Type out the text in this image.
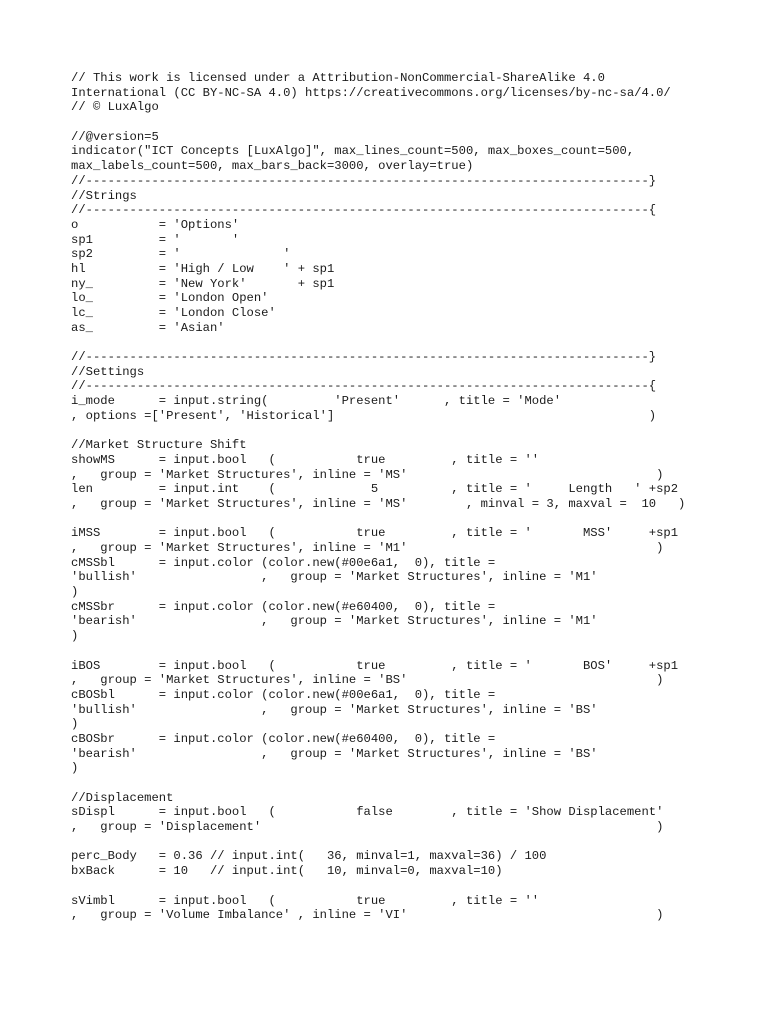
// This work is licensed under a Attribution-NonCommercial-ShareAlike 4.0
International (CC BY-NC-SA 4.0) https://creativecommons.org/licenses/by-nc-sa/4.0/
// © LuxAlgo
//@version=5
indicator("ICT Concepts [LuxAlgo]", max_lines_count=500, max_boxes_count=500,
max_labels_count=500, max_bars_back=3000, overlay=true)
//-----------------------------------------------------------------------------}
//Strings
//-----------------------------------------------------------------------------{
o           = 'Options'
sp1         = '       '
sp2         = '              '
hl          = 'High / Low    ' + sp1
ny_         = 'New York'       + sp1
lo_         = 'London Open'
lc_         = 'London Close'
as_         = 'Asian'
//-----------------------------------------------------------------------------}
//Settings
//-----------------------------------------------------------------------------{
i_mode      = input.string(         'Present'      , title = 'Mode'
, options =['Present', 'Historical']                                           )
//Market Structure Shift
showMS      = input.bool   (           true         , title = ''
,   group = 'Market Structures', inline = 'MS'                                  )
len         = input.int    (             5          , title = '     Length   ' +sp2
,   group = 'Market Structures', inline = 'MS'        , minval = 3, maxval =  10   )
iMSS        = input.bool   (           true         , title = '       MSS'     +sp1
,   group = 'Market Structures', inline = 'M1'                                  )
cMSSbl      = input.color (color.new(#00e6a1,  0), title =
'bullish'                 ,   group = 'Market Structures', inline = 'M1'
)
cMSSbr      = input.color (color.new(#e60400,  0), title =
'bearish'                 ,   group = 'Market Structures', inline = 'M1'
)
iBOS        = input.bool   (           true         , title = '       BOS'     +sp1
,   group = 'Market Structures', inline = 'BS'                                  )
cBOSbl      = input.color (color.new(#00e6a1,  0), title =
'bullish'                 ,   group = 'Market Structures', inline = 'BS'
)
cBOSbr      = input.color (color.new(#e60400,  0), title =
'bearish'                 ,   group = 'Market Structures', inline = 'BS'
)
//Displacement
sDispl      = input.bool   (           false        , title = 'Show Displacement'
,   group = 'Displacement'                                                      )
perc_Body   = 0.36 // input.int(   36, minval=1, maxval=36) / 100
bxBack      = 10   // input.int(   10, minval=0, maxval=10)
sVimbl      = input.bool   (           true         , title = ''
,   group = 'Volume Imbalance' , inline = 'VI'                                  )
